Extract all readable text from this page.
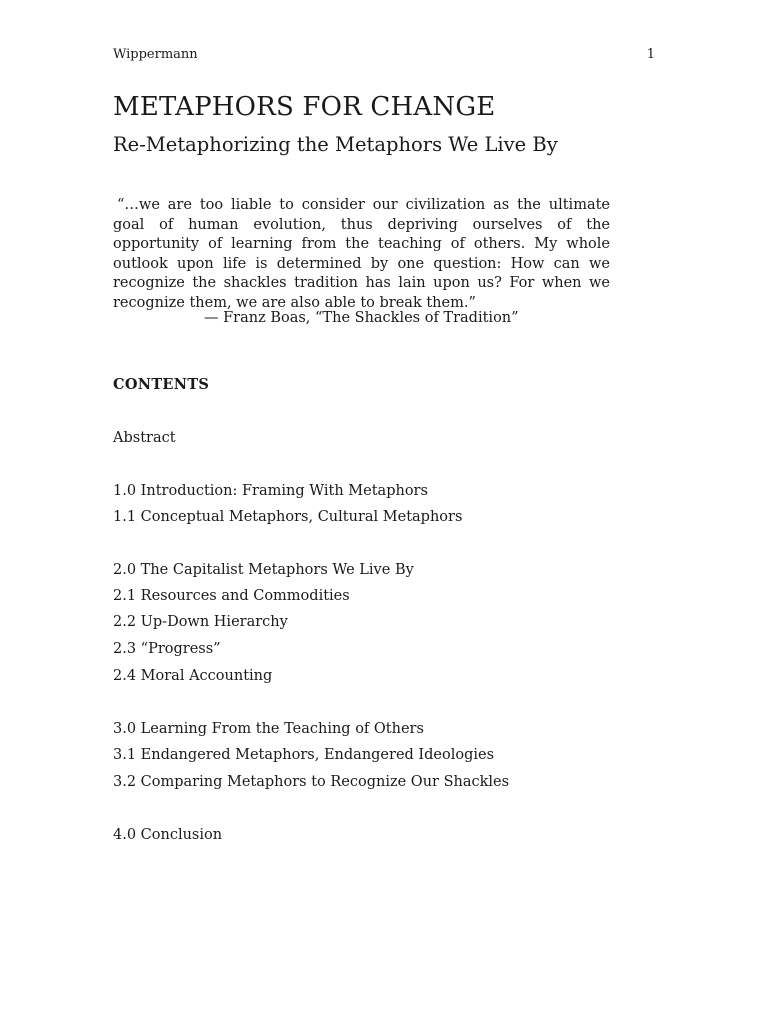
Wippermann	1
METAPHORS FOR CHANGE
Re-Metaphorizing the Metaphors We Live By
“…we are too liable to consider our civilization as the ultimate goal of human evolution, thus depriving ourselves of the opportunity of learning from the teaching of others. My whole outlook upon life is determined by one question: How can we recognize the shackles tradition has lain upon us? For when we recognize them, we are also able to break them.”
— Franz Boas, “The Shackles of Tradition”
CONTENTS
Abstract
1.0 Introduction: Framing With Metaphors
1.1 Conceptual Metaphors, Cultural Metaphors
2.0 The Capitalist Metaphors We Live By
2.1 Resources and Commodities
2.2 Up-Down Hierarchy
2.3 “Progress”
2.4 Moral Accounting
3.0 Learning From the Teaching of Others
3.1 Endangered Metaphors, Endangered Ideologies
3.2 Comparing Metaphors to Recognize Our Shackles
4.0 Conclusion
